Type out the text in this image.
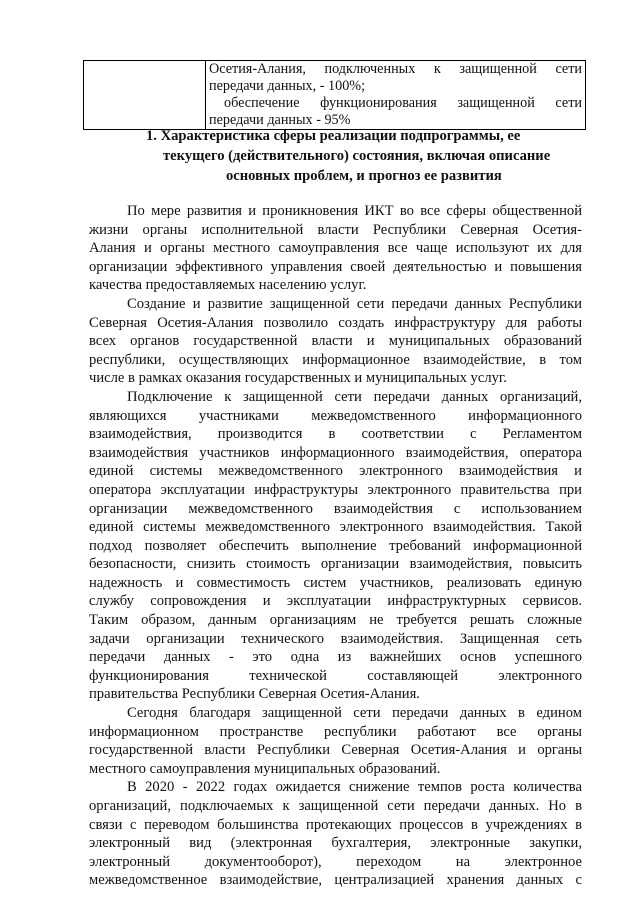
Осетия-Алания, подключенных к защищенной сети
передачи данных, - 100%;
обеспечение функционирования защищенной сети
передачи данных - 95%
1. Характеристика сферы реализации подпрограммы, ее
текущего (действительного) состояния, включая описание
основных проблем, и прогноз ее развития
По мере развития и проникновения ИКТ во все сферы общественной
жизни органы исполнительной власти Республики Северная Осетия-
Алания и органы местного самоуправления все чаще используют их для
организации эффективного управления своей деятельностью и повышения
качества предоставляемых населению услуг.
Создание и развитие защищенной сети передачи данных Республики
Северная Осетия-Алания позволило создать инфраструктуру для работы
всех органов государственной власти и муниципальных образований
республики, осуществляющих информационное взаимодействие, в том
числе в рамках оказания государственных и муниципальных услуг.
Подключение к защищенной сети передачи данных организаций,
являющихся участниками межведомственного информационного
взаимодействия, производится в соответствии с Регламентом
взаимодействия участников информационного взаимодействия, оператора
единой системы межведомственного электронного взаимодействия и
оператора эксплуатации инфраструктуры электронного правительства при
организации межведомственного взаимодействия с использованием
единой системы межведомственного электронного взаимодействия. Такой
подход позволяет обеспечить выполнение требований информационной
безопасности, снизить стоимость организации взаимодействия, повысить
надежность и совместимость систем участников, реализовать единую
службу сопровождения и эксплуатации инфраструктурных сервисов.
Таким образом, данным организациям не требуется решать сложные
задачи организации технического взаимодействия. Защищенная сеть
передачи данных - это одна из важнейших основ успешного
функционирования технической составляющей электронного
правительства Республики Северная Осетия-Алания.
Сегодня благодаря защищенной сети передачи данных в едином
информационном пространстве республики работают все органы
государственной власти Республики Северная Осетия-Алания и органы
местного самоуправления муниципальных образований.
В 2020 - 2022 годах ожидается снижение темпов роста количества
организаций, подключаемых к защищенной сети передачи данных. Но в
связи с переводом большинства протекающих процессов в учреждениях в
электронный вид (электронная бухгалтерия, электронные закупки,
электронный документооборот), переходом на электронное
межведомственное взаимодействие, централизацией хранения данных с
